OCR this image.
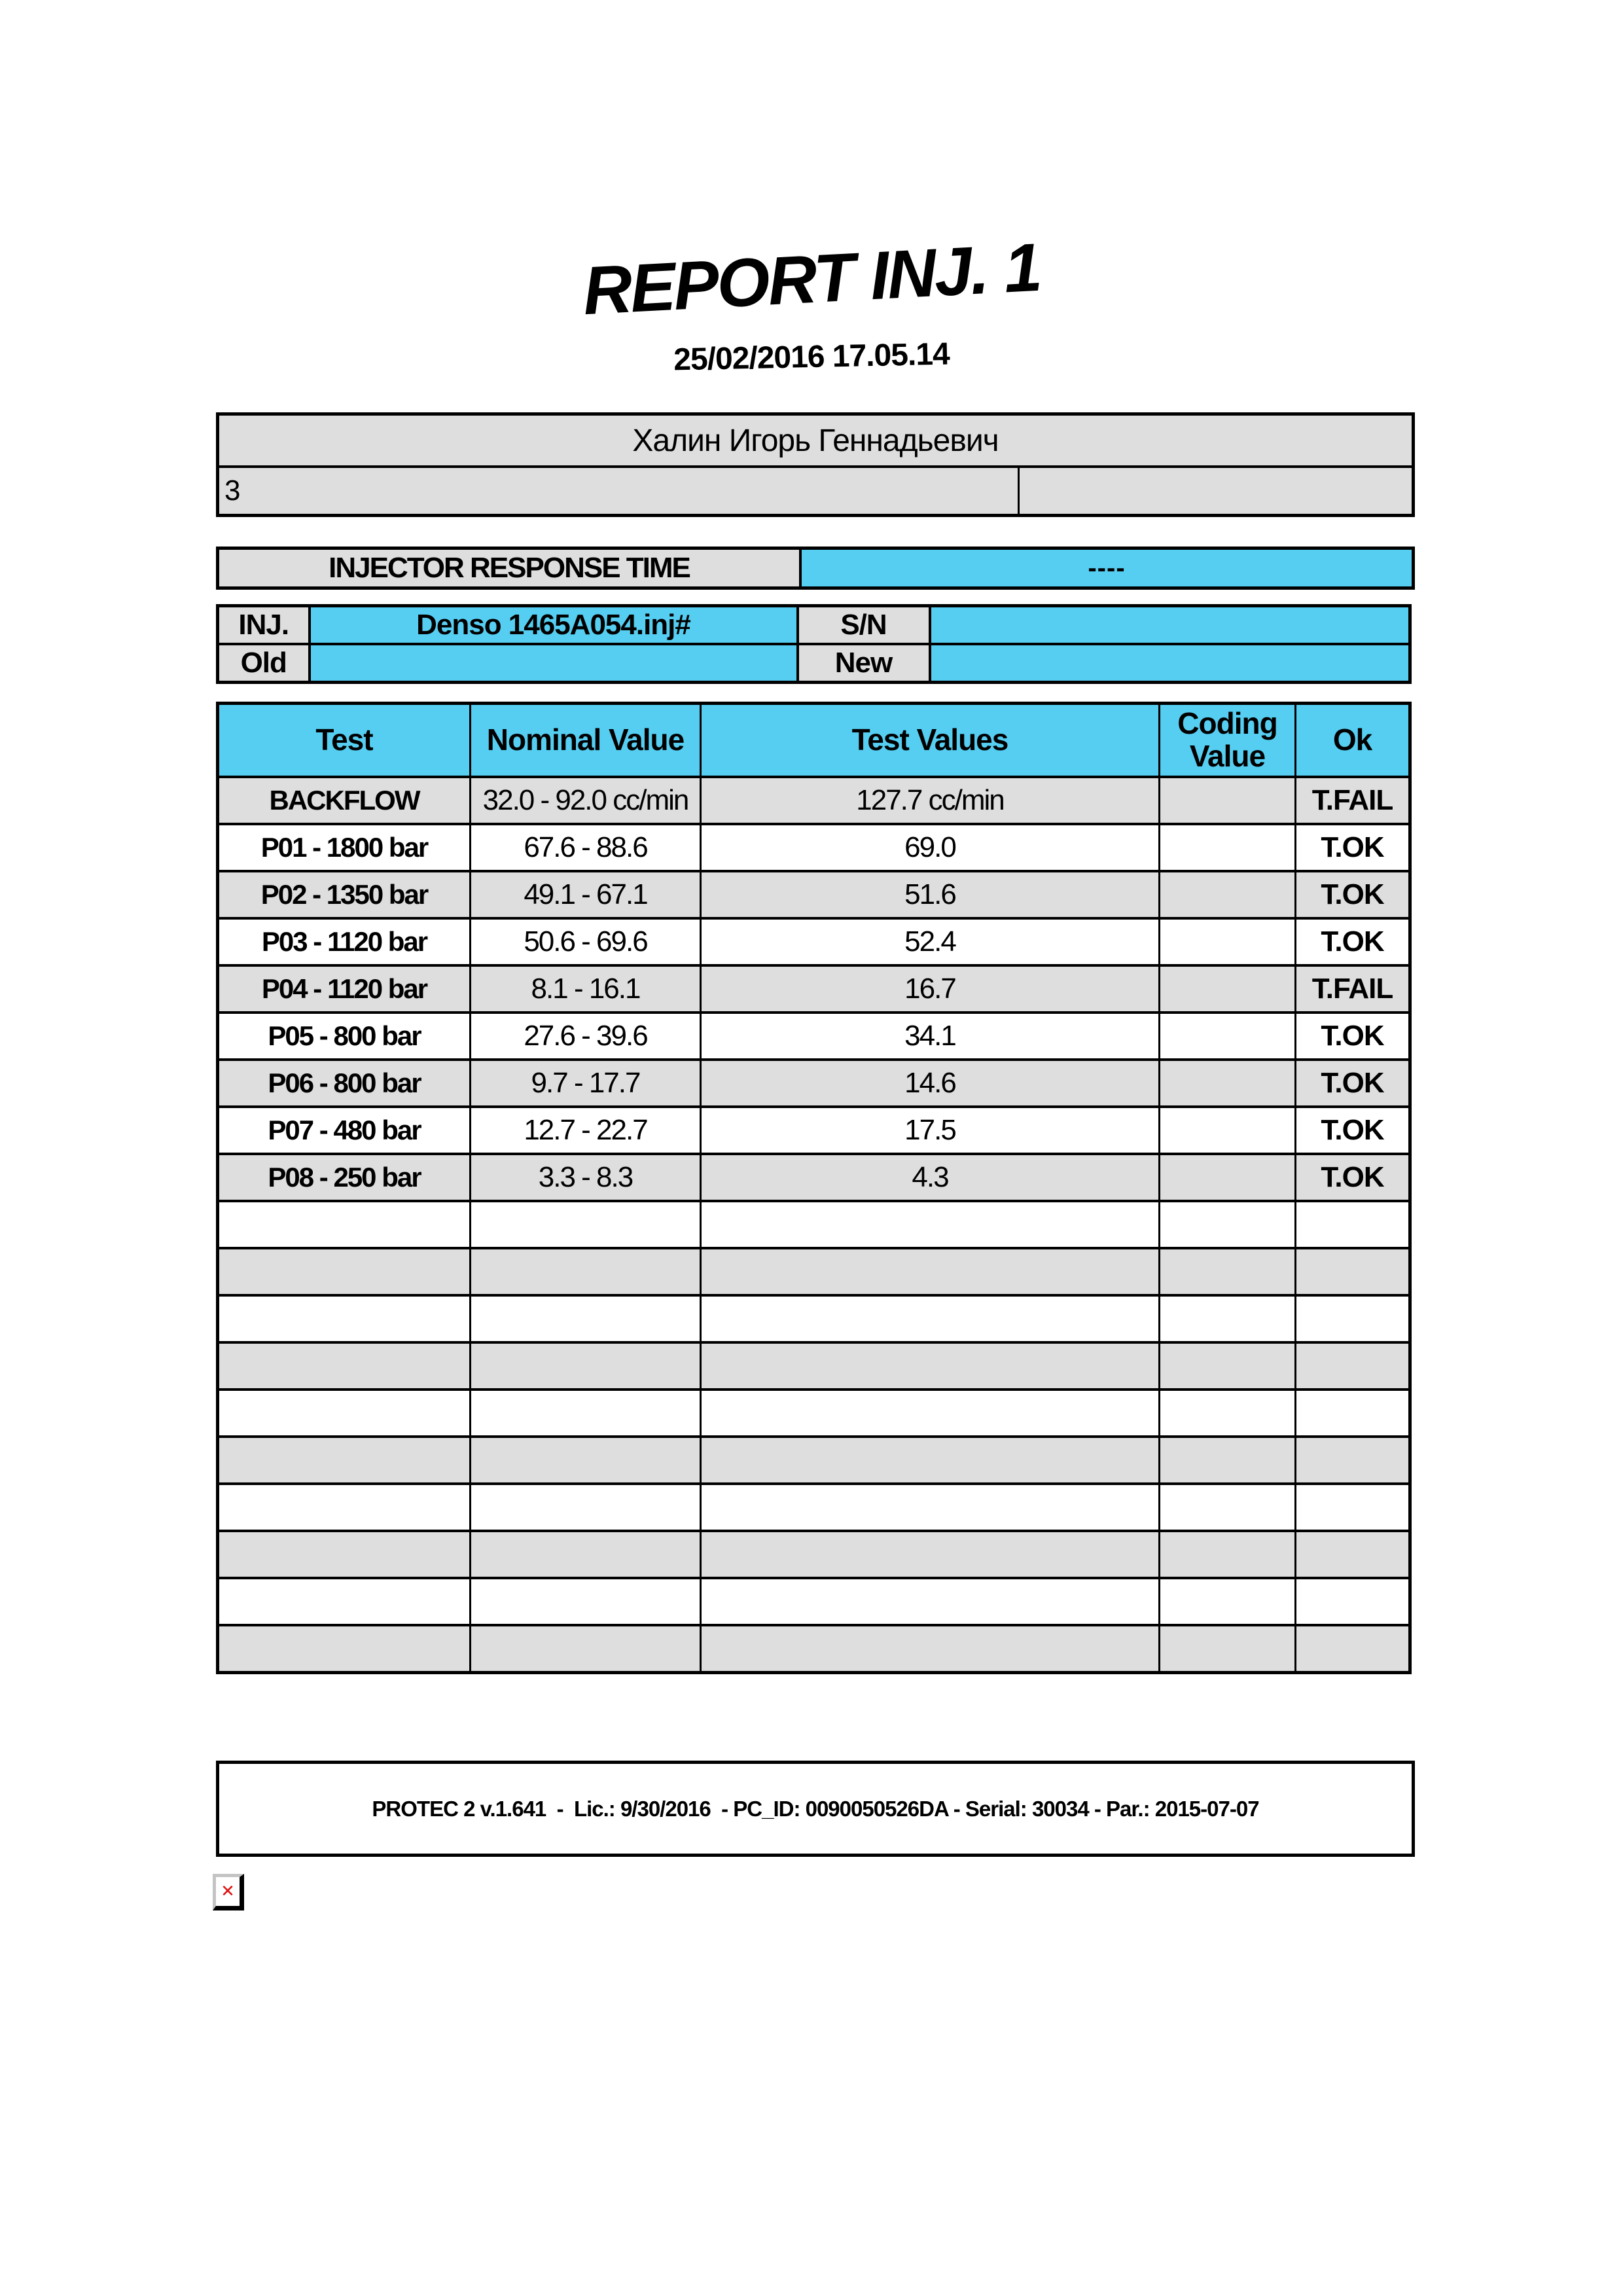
REPORT INJ. 1
25/02/2016 17.05.14
Халин Игорь Геннадьевич
3
INJECTOR RESPONSE TIME	----
INJ.	Denso 1465A054.inj#	S/N	
Old		New	
Test	Nominal Value	Test Values	Coding Value	Ok
BACKFLOW	32.0 - 92.0 cc/min	127.7 cc/min		T.FAIL
P01 - 1800 bar	67.6 - 88.6	69.0		T.OK
P02 - 1350 bar	49.1 - 67.1	51.6		T.OK
P03 - 1120 bar	50.6 - 69.6	52.4		T.OK
P04 - 1120 bar	8.1 - 16.1	16.7		T.FAIL
P05 - 800 bar	27.6 - 39.6	34.1		T.OK
P06 - 800 bar	9.7 - 17.7	14.6		T.OK
P07 - 480 bar	12.7 - 22.7	17.5		T.OK
P08 - 250 bar	3.3 - 8.3	4.3		T.OK

PROTEC 2 v.1.641  -  Lic.: 9/30/2016  - PC_ID: 0090050526DA - Serial: 30034 - Par.: 2015-07-07
✕
